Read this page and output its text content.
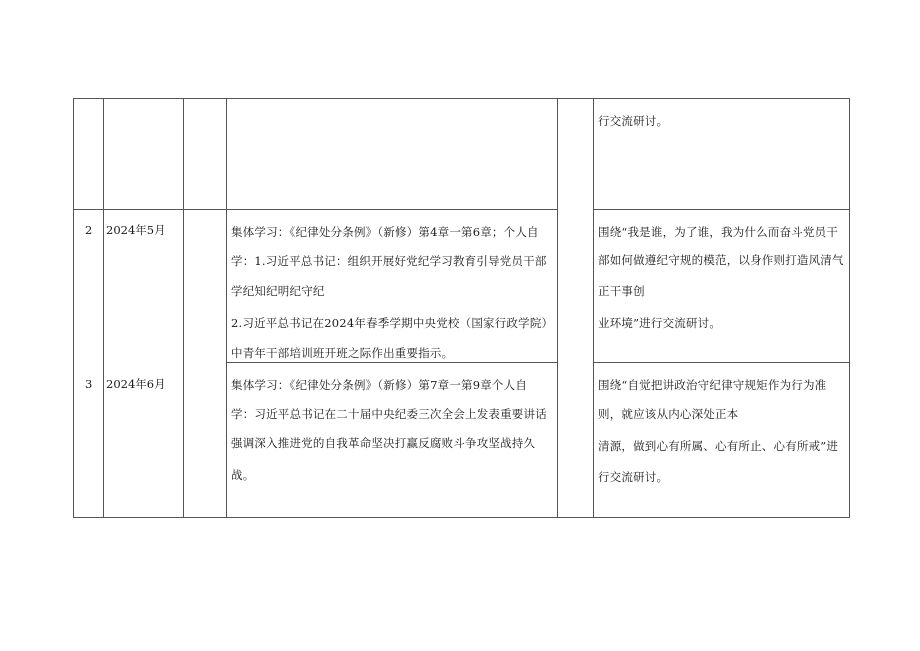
行交流研讨。
2 2024年5月	集体学习：《纪律处分条例》（新修）第4章一第6章；个人自
学：1.习近平总书记：组织开展好党纪学习教育引导党员干部
学纪知纪明纪守纪
2.习近平总书记在2024年春季学期中央党校（国家行政学院）
中青年干部培训班开班之际作出重要指示。
围绕“我是谁，为了谁，我为什么而奋斗党员干
部如何做遵纪守规的模范，以身作则打造风清气
正干事创
业环境”进行交流研讨。
3 2024年6月	集体学习：《纪律处分条例》（新修）第7章一第9章个人自
学：习近平总书记在二十届中央纪委三次全会上发表重要讲话
强调深入推进党的自我革命坚决打赢反腐败斗争攻坚战持久
战。
围绕“自觉把讲政治守纪律守规矩作为行为准
则，就应该从内心深处正本
清源，做到心有所属、心有所止、心有所戒”进
行交流研讨。
